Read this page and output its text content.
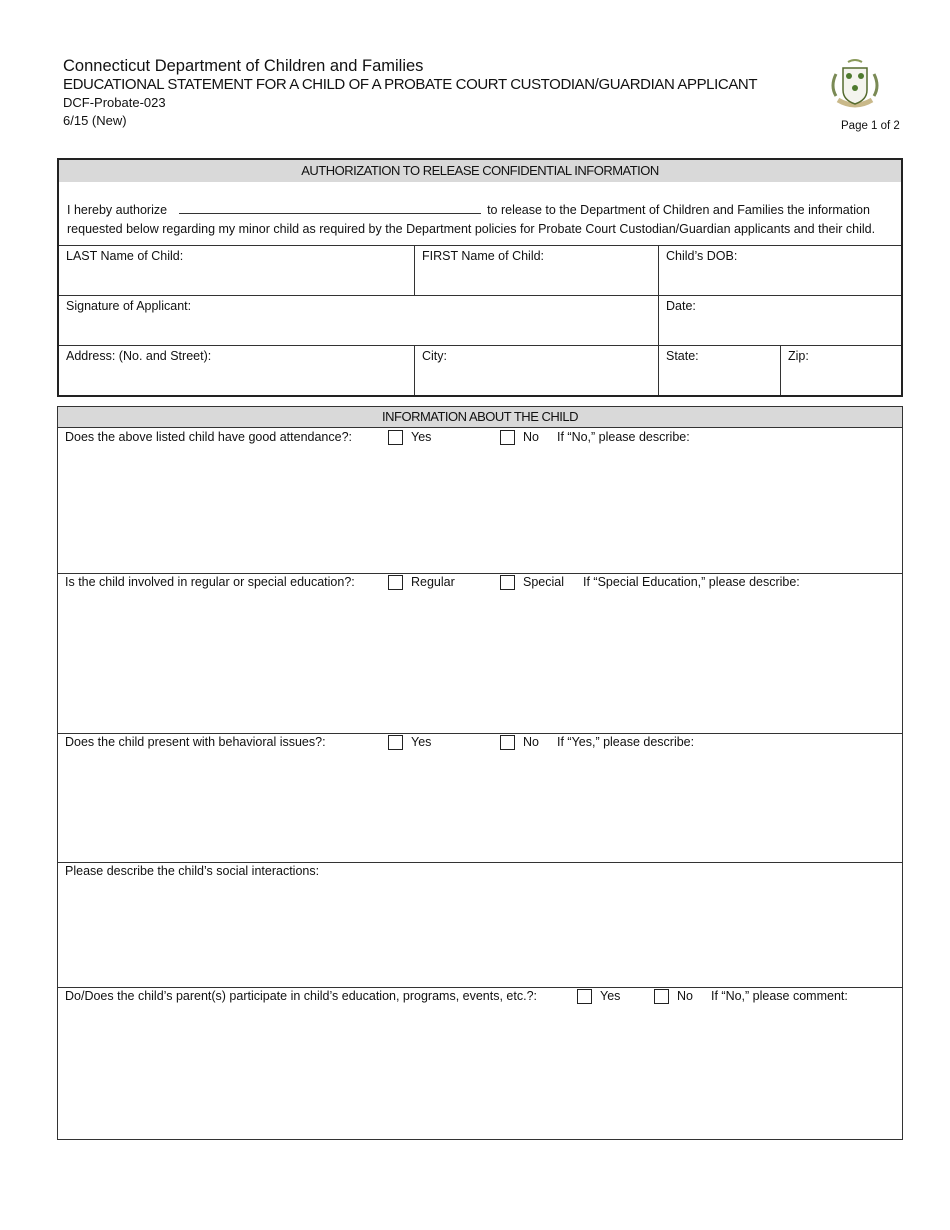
Connecticut Department of Children and Families
EDUCATIONAL STATEMENT FOR A CHILD OF A PROBATE COURT CUSTODIAN/GUARDIAN APPLICANT
DCF-Probate-023
6/15 (New)	Page 1 of 2
AUTHORIZATION TO RELEASE CONFIDENTIAL INFORMATION
I hereby authorize	to release to the Department of Children and Families the information
requested below regarding my minor child as required by the Department policies for Probate Court Custodian/Guardian applicants and their child.
LAST Name of Child:	FIRST Name of Child:	Child’s DOB:
Signature of Applicant:	Date:
Address: (No. and Street):	City:	State:	Zip:
INFORMATION ABOUT THE CHILD
Does the above listed child have good attendance?:	Yes	No If “No,” please describe:
Is the child involved in regular or special education?:	Regular	Special If “Special Education,” please describe:
Does the child present with behavioral issues?:	Yes	No If “Yes,” please describe:
Please describe the child’s social interactions:
Do/Does the child’s parent(s) participate in child’s education, programs, events, etc.?:	Yes	No If “No,” please comment:
